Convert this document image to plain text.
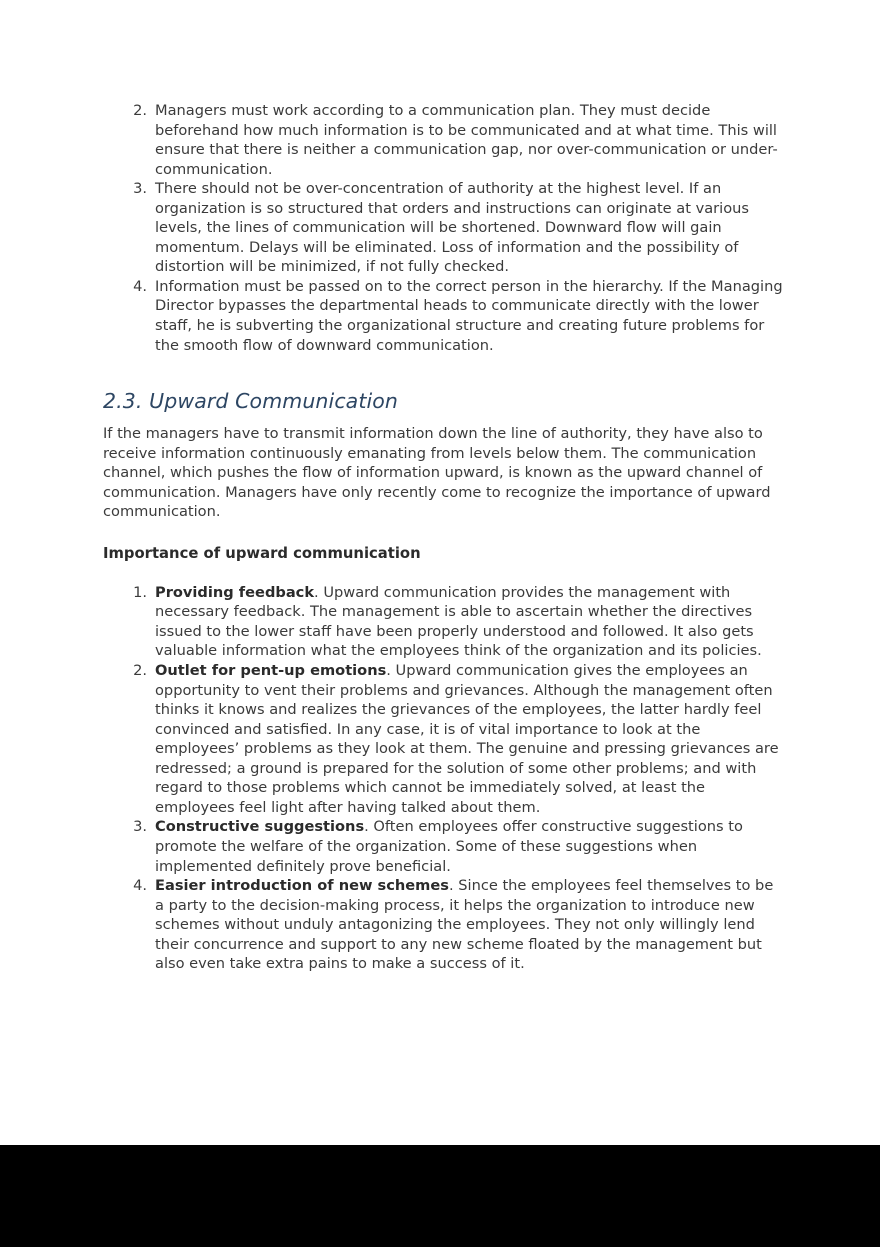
2. Managers must work according to a communication plan. They must decide beforehand how much information is to be communicated and at what time. This will ensure that there is neither a communication gap, nor over-communication or under- communication.
3. There should not be over-concentration of authority at the highest level. If an organization is so structured that orders and instructions can originate at various levels, the lines of communication will be shortened. Downward flow will gain momentum. Delays will be eliminated. Loss of information and the possibility of distortion will be minimized, if not fully checked.
4. Information must be passed on to the correct person in the hierarchy. If the Managing Director bypasses the departmental heads to communicate directly with the lower staff, he is subverting the organizational structure and creating future problems for the smooth flow of downward communication.
2.3. Upward Communication

If the managers have to transmit information down the line of authority, they have also to receive information continuously emanating from levels below them. The communication channel, which pushes the flow of information upward, is known as the upward channel of communication. Managers have only recently come to recognize the importance of upward communication.

Importance of upward communication
1. Providing feedback. Upward communication provides the management with necessary feedback. The management is able to ascertain whether the directives issued to the lower staff have been properly understood and followed. It also gets valuable information what the employees think of the organization and its policies.
2. Outlet for pent-up emotions. Upward communication gives the employees an opportunity to vent their problems and grievances. Although the management often thinks it knows and realizes the grievances of the employees, the latter hardly feel convinced and satisfied. In any case, it is of vital importance to look at the employees’ problems as they look at them. The genuine and pressing grievances are redressed; a ground is prepared for the solution of some other problems; and with regard to those problems which cannot be immediately solved, at least the employees feel light after having talked about them.
3. Constructive suggestions. Often employees offer constructive suggestions to promote the welfare of the organization. Some of these suggestions when implemented definitely prove beneficial.
4. Easier introduction of new schemes. Since the employees feel themselves to be a party to the decision-making process, it helps the organization to introduce new schemes without unduly antagonizing the employees. They not only willingly lend their concurrence and support to any new scheme floated by the management but also even take extra pains to make a success of it.
